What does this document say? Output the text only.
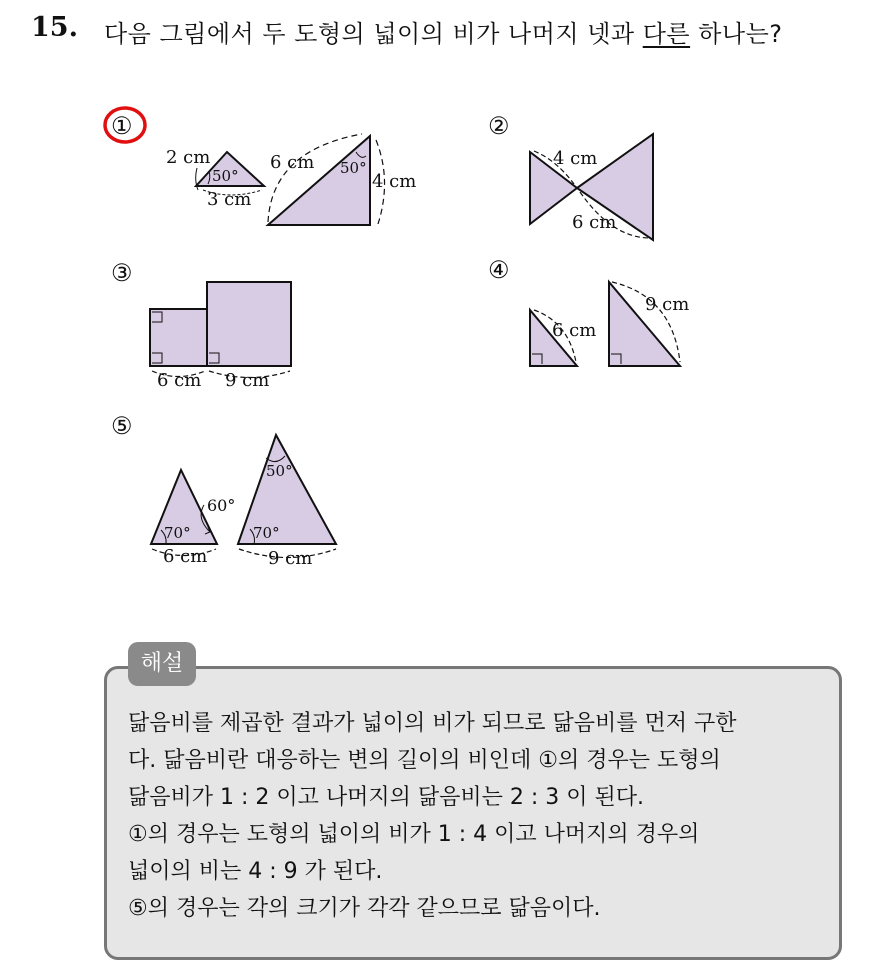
15. 다음 그림에서 두 도형의 넓이의 비가 나머지 넷과 다른 하나는?
①
2 cm
50°
3 cm
6 cm 50°
4 cm
②
4 cm
6 cm
③
6 cm 9 cm
④
6 cm
9 cm
⑤
60°
70°
6 cm
50°
70°
9 cm
해설
닮음비를 제곱한 결과가 넓이의 비가 되므로 닮음비를 먼저 구한
다. 닮음비란 대응하는 변의 길이의 비인데 ①의 경우는 도형의
닮음비가 1 : 2 이고 나머지의 닮음비는 2 : 3 이 된다.
①의 경우는 도형의 넓이의 비가 1 : 4 이고 나머지의 경우의
넓이의 비는 4 : 9 가 된다.
⑤의 경우는 각의 크기가 각각 같으므로 닮음이다.
